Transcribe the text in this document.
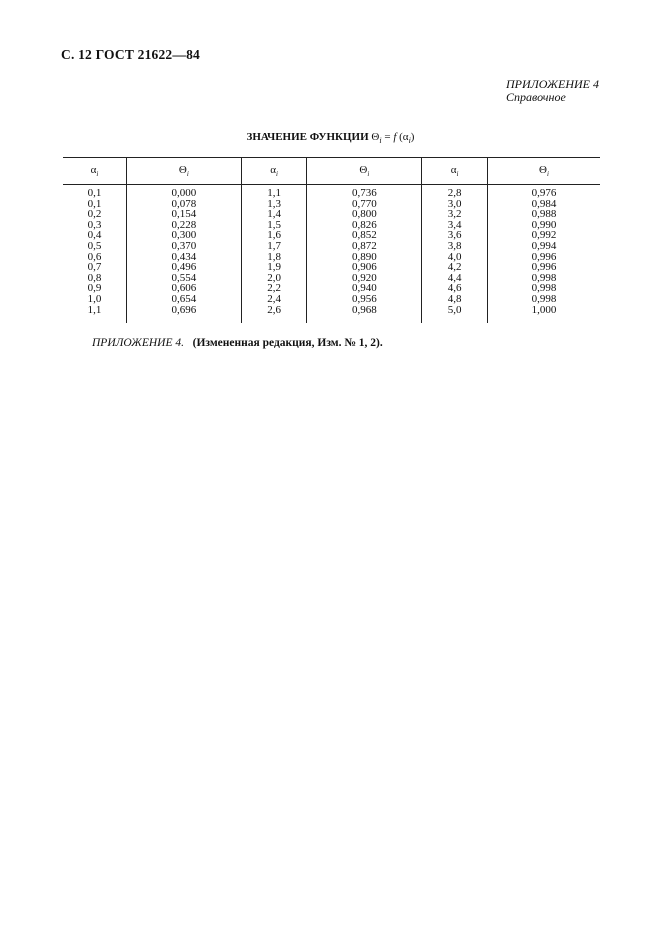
С. 12 ГОСТ 21622—84
ПРИЛОЖЕНИЕ 4
Справочное
ЗНАЧЕНИЕ ФУНКЦИИ $\Theta_i = f$ $(\alpha_i)$
$\alpha_i$	$\Theta_i$	$\alpha_i$	$\Theta_i$	$\alpha_i$	$\Theta_i$
0,1	0,000	1,1	0,736	2,8	0,976
0,1	0,078	1,3	0,770	3,0	0,984
0,2	0,154	1,4	0,800	3,2	0,988
0,3	0,228	1,5	0,826	3,4	0,990
0,4	0,300	1,6	0,852	3,6	0,992
0,5	0,370	1,7	0,872	3,8	0,994
0,6	0,434	1,8	0,890	4,0	0,996
0,7	0,496	1,9	0,906	4,2	0,996
0,8	0,554	2,0	0,920	4,4	0,998
0,9	0,606	2,2	0,940	4,6	0,998
1,0	0,654	2,4	0,956	4,8	0,998
1,1	0,696	2,6	0,968	5,0	1,000
ПРИЛОЖЕНИЕ 4. (Измененная редакция, Изм. № 1, 2).
